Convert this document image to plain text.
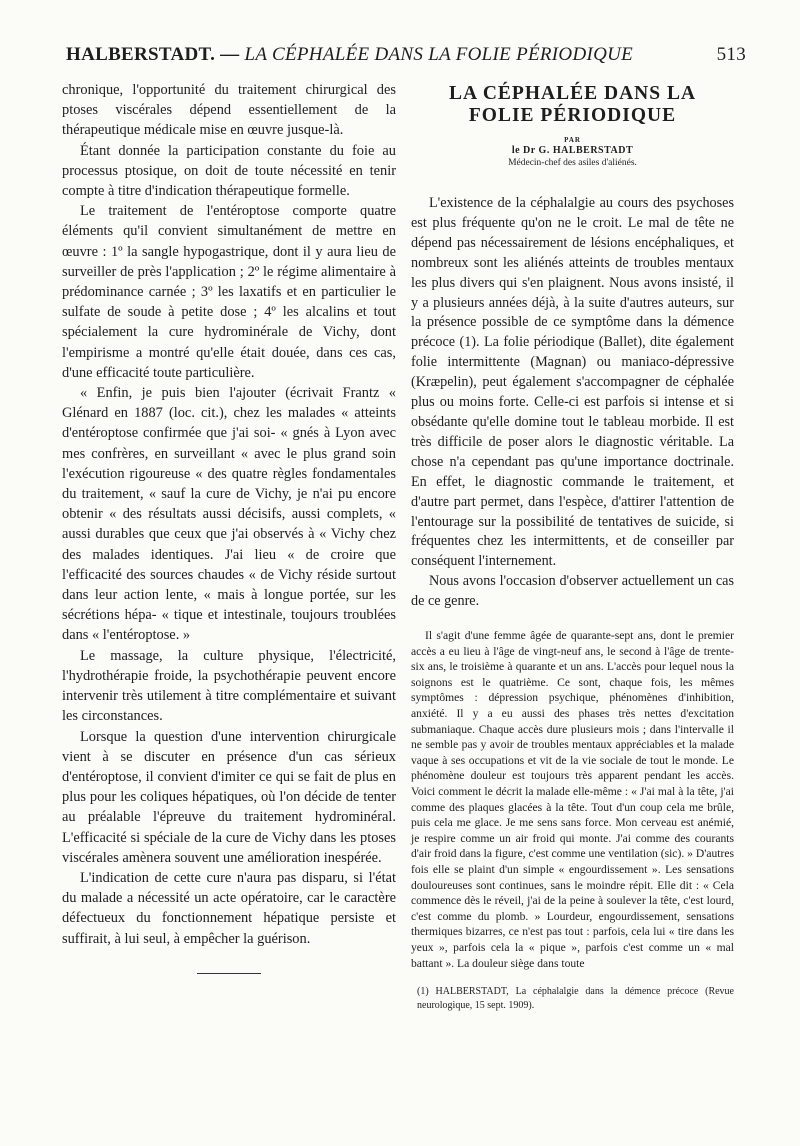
HALBERSTADT. — LA CÉPHALÉE DANS LA FOLIE PÉRIODIQUE	513

chronique, l'opportunité du traitement chirurgical des ptoses viscérales dépend essentiellement de la thérapeutique médicale mise en œuvre jusque-là.

Étant donnée la participation constante du foie au processus ptosique, on doit de toute nécessité en tenir compte à titre d'indication thérapeutique formelle.

Le traitement de l'entéroptose comporte quatre éléments qu'il convient simultanément de mettre en œuvre : 1º la sangle hypogastrique, dont il y aura lieu de surveiller de près l'application ; 2º le régime alimentaire à prédominance carnée ; 3º les laxatifs et en particulier le sulfate de soude à petite dose ; 4º les alcalins et tout spécialement la cure hydrominérale de Vichy, dont l'empirisme a montré qu'elle était douée, dans ces cas, d'une efficacité toute particulière.

« Enfin, je puis bien l'ajouter (écrivait Frantz « Glénard en 1887 (loc. cit.), chez les malades « atteints d'entéroptose confirmée que j'ai soi- « gnés à Lyon avec mes confrères, en surveillant « avec le plus grand soin l'exécution rigoureuse « des quatre règles fondamentales du traitement, « sauf la cure de Vichy, je n'ai pu encore obtenir « des résultats aussi décisifs, aussi complets, « aussi durables que ceux que j'ai observés à « Vichy chez des malades identiques. J'ai lieu « de croire que l'efficacité des sources chaudes « de Vichy réside surtout dans leur action lente, « mais à longue portée, sur les sécrétions hépa- « tique et intestinale, toujours troublées dans « l'entéroptose. »

Le massage, la culture physique, l'électricité, l'hydrothérapie froide, la psychothérapie peuvent encore intervenir très utilement à titre complémentaire et suivant les circonstances.

Lorsque la question d'une intervention chirurgicale vient à se discuter en présence d'un cas sérieux d'entéroptose, il convient d'imiter ce qui se fait de plus en plus pour les coliques hépatiques, où l'on décide de tenter au préalable l'épreuve du traitement hydrominéral. L'efficacité si spéciale de la cure de Vichy dans les ptoses viscérales amènera souvent une amélioration inespérée.

L'indication de cette cure n'aura pas disparu, si l'état du malade a nécessité un acte opératoire, car le caractère défectueux du fonctionnement hépatique persiste et suffirait, à lui seul, à empêcher la guérison.

LA CÉPHALÉE DANS LA
FOLIE PÉRIODIQUE
PAR
le Dr G. HALBERSTADT
Médecin-chef des asiles d'aliénés.

L'existence de la céphalalgie au cours des psychoses est plus fréquente qu'on ne le croit. Le mal de tête ne dépend pas nécessairement de lésions encéphaliques, et nombreux sont les aliénés atteints de troubles mentaux les plus divers qui s'en plaignent. Nous avons insisté, il y a plusieurs années déjà, à la suite d'autres auteurs, sur la présence possible de ce symptôme dans la démence précoce (1). La folie périodique (Ballet), dite également folie intermittente (Magnan) ou maniaco-dépressive (Kræpelin), peut également s'accompagner de céphalée plus ou moins forte. Celle-ci est parfois si intense et si obsédante qu'elle domine tout le tableau morbide. Il est très difficile de poser alors le diagnostic véritable. La chose n'a cependant pas qu'une importance doctrinale. En effet, le diagnostic commande le traitement, et d'autre part permet, dans l'espèce, d'attirer l'attention de l'entourage sur la possibilité de tentatives de suicide, si fréquentes chez les intermittents, et de conseiller par conséquent l'internement.

Nous avons l'occasion d'observer actuellement un cas de ce genre.

Il s'agit d'une femme âgée de quarante-sept ans, dont le premier accès a eu lieu à l'âge de vingt-neuf ans, le second à l'âge de trente-six ans, le troisième à quarante et un ans. L'accès pour lequel nous la soignons est le quatrième. Ce sont, chaque fois, les mêmes symptômes : dépression psychique, phénomènes d'inhibition, anxiété. Il y a eu aussi des phases très nettes d'excitation submaniaque. Chaque accès dure plusieurs mois ; dans l'intervalle il ne semble pas y avoir de troubles mentaux appréciables et la malade vaque à ses occupations et vit de la vie sociale de tout le monde. Le phénomène douleur est toujours très apparent pendant les accès. Voici comment le décrit la malade elle-même : « J'ai mal à la tête, j'ai comme des plaques glacées à la tête. Tout d'un coup cela me brûle, puis cela me glace. Je me sens sans force. Mon cerveau est anémié, je respire comme un air froid qui monte. J'ai comme des courants d'air froid dans la figure, c'est comme une ventilation (sic). » D'autres fois elle se plaint d'un simple « engourdissement ». Les sensations douloureuses sont continues, sans le moindre répit. Elle dit : « Cela commence dès le réveil, j'ai de la peine à soulever la tête, c'est lourd, c'est comme du plomb. » Lourdeur, engourdissement, sensations thermiques bizarres, ce n'est pas tout : parfois, cela lui « tire dans les yeux », parfois cela la « pique », parfois c'est comme un « mal battant ». La douleur siège dans toute

(1) HALBERSTADT, La céphalalgie dans la démence précoce (Revue neurologique, 15 sept. 1909).
